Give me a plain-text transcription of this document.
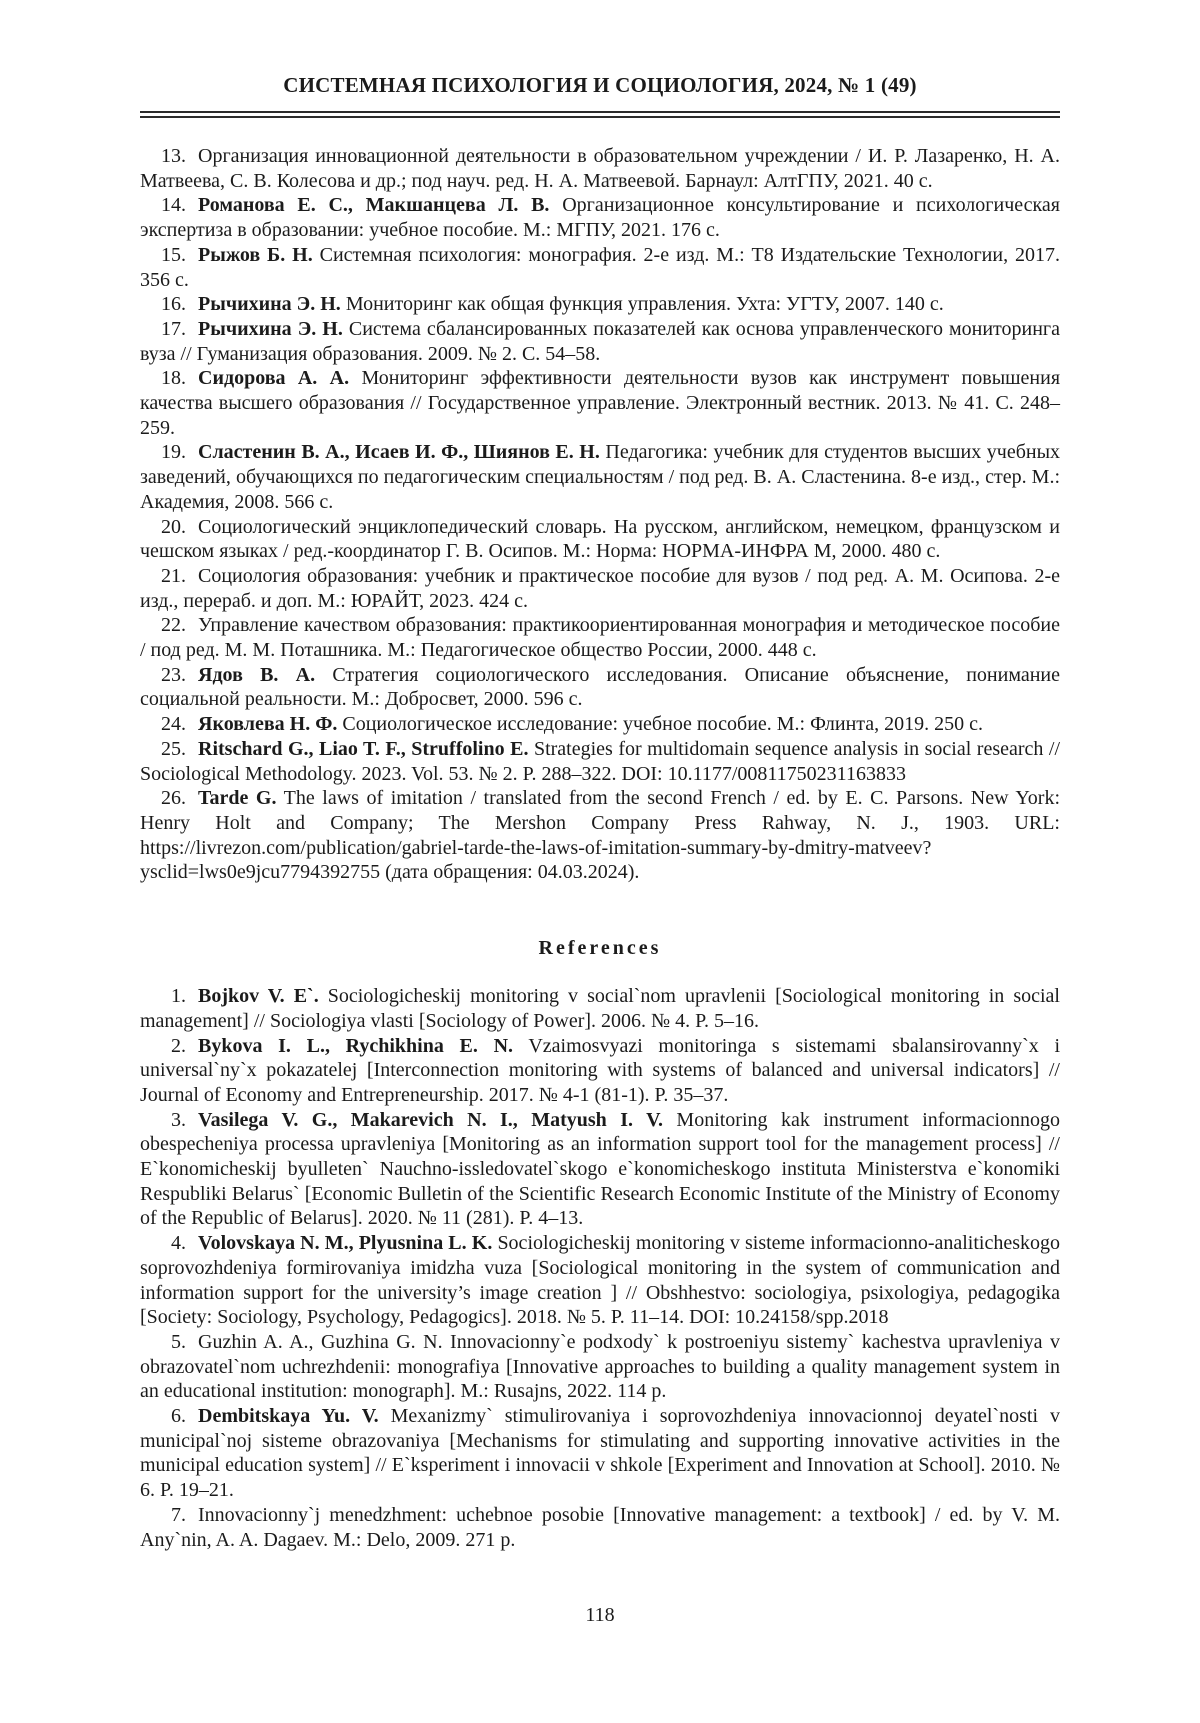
СИСТЕМНАЯ ПСИХОЛОГИЯ И СОЦИОЛОГИЯ, 2024, № 1 (49)

13. Организация инновационной деятельности в образовательном учреждении / И. Р. Лазаренко, Н. А. Матвеева, С. В. Колесова и др.; под науч. ред. Н. А. Матвеевой. Барнаул: АлтГПУ, 2021. 40 с.

14. Романова Е. С., Макшанцева Л. В. Организационное консультирование и психологическая экспертиза в образовании: учебное пособие. М.: МГПУ, 2021. 176 с.

15. Рыжов Б. Н. Системная психология: монография. 2-е изд. М.: Т8 Издательские Технологии, 2017. 356 с.

16. Рычихина Э. Н. Мониторинг как общая функция управления. Ухта: УГТУ, 2007. 140 с.

17. Рычихина Э. Н. Система сбалансированных показателей как основа управленческого мониторинга вуза // Гуманизация образования. 2009. № 2. С. 54–58.

18. Сидорова А. А. Мониторинг эффективности деятельности вузов как инструмент повышения качества высшего образования // Государственное управление. Электронный вестник. 2013. № 41. С. 248–259.

19. Сластенин В. А., Исаев И. Ф., Шиянов Е. Н. Педагогика: учебник для студентов высших учебных заведений, обучающихся по педагогическим специальностям / под ред. В. А. Сластенина. 8-е изд., стер. М.: Академия, 2008. 566 с.

20. Социологический энциклопедический словарь. На русском, английском, немецком, французском и чешском языках / ред.-координатор Г. В. Осипов. М.: Норма: НОРМА-ИНФРА М, 2000. 480 с.

21. Социология образования: учебник и практическое пособие для вузов / под ред. А. М. Осипова. 2-е изд., перераб. и доп. М.: ЮРАЙТ, 2023. 424 с.

22. Управление качеством образования: практикоориентированная монография и методическое пособие / под ред. М. М. Поташника. М.: Педагогическое общество России, 2000. 448 с.

23. Ядов В. А. Стратегия социологического исследования. Описание объяснение, понимание социальной реальности. М.: Добросвет, 2000. 596 с.

24. Яковлева Н. Ф. Социологическое исследование: учебное пособие. М.: Флинта, 2019. 250 с.

25. Ritschard G., Liao T. F., Struffolino E. Strategies for multidomain sequence analysis in social research // Sociological Methodology. 2023. Vol. 53. № 2. P. 288–322. DOI: 10.1177/00811750231163833

26. Tarde G. The laws of imitation / translated from the second French / ed. by E. C. Parsons. New York: Henry Holt and Company; The Mershon Company Press Rahway, N. J., 1903. URL: https://livrezon.com/publication/gabriel-tarde-the-laws-of-imitation-summary-by-dmitry-matveev?ysclid=lws0e9jcu7794392755 (дата обращения: 04.03.2024).

References

1. Bojkov V. E`. Sociologicheskij monitoring v social`nom upravlenii [Sociological monitoring in social management] // Sociologiya vlasti [Sociology of Power]. 2006. № 4. P. 5–16.

2. Bykova I. L., Rychikhina E. N. Vzaimosvyazi monitoringa s sistemami sbalansirovanny`x i universal`ny`x pokazatelej [Interconnection monitoring with systems of balanced and universal indicators] // Journal of Economy and Entrepreneurship. 2017. № 4-1 (81-1). P. 35–37.

3. Vasilega V. G., Makarevich N. I., Matyush I. V. Monitoring kak instrument informacionnogo obespecheniya processa upravleniya [Monitoring as an information support tool for the management process] // E`konomicheskij byulleten` Nauchno-issledovatel`skogo e`konomicheskogo instituta Ministerstva e`konomiki Respubliki Belarus` [Economic Bulletin of the Scientific Research Economic Institute of the Ministry of Economy of the Republic of Belarus]. 2020. № 11 (281). P. 4–13.

4. Volovskaya N. M., Plyusnina L. K. Sociologicheskij monitoring v sisteme informacionno-analiticheskogo soprovozhdeniya formirovaniya imidzha vuza [Sociological monitoring in the system of communication and information support for the university’s image creation ] // Obshhestvo: sociologiya, psixologiya, pedagogika [Society: Sociology, Psychology, Pedagogics]. 2018. № 5. P. 11–14. DOI: 10.24158/spp.2018

5. Guzhin A. A., Guzhina G. N. Innovacionny`e podxody` k postroeniyu sistemy` kachestva upravleniya v obrazovatel`nom uchrezhdenii: monografiya [Innovative approaches to building a quality management system in an educational institution: monograph]. M.: Rusajns, 2022. 114 p.

6. Dembitskaya Yu. V. Mexanizmy` stimulirovaniya i soprovozhdeniya innovacionnoj deyatel`nosti v municipal`noj sisteme obrazovaniya [Mechanisms for stimulating and supporting innovative activities in the municipal education system] // E`ksperiment i innovacii v shkole [Experiment and Innovation at School]. 2010. № 6. P. 19–21.

7. Innovacionny`j menedzhment: uchebnoe posobie [Innovative management: a textbook] / ed. by V. M. Any`nin, A. A. Dagaev. M.: Delo, 2009. 271 p.

118
